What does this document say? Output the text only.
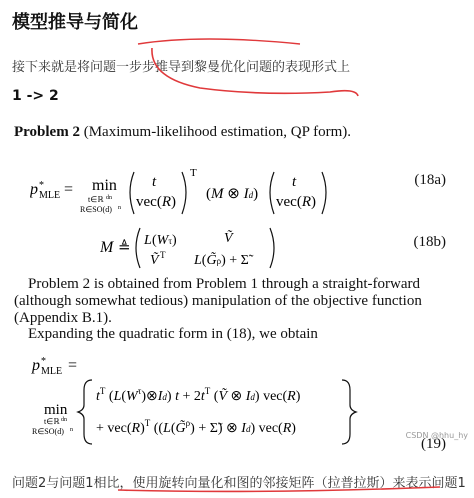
模型推导与简化
接下来就是将问题一步步推导到黎曼优化问题的表现形式上
1 -> 2
Problem 2 (Maximum-likelihood estimation, QP form).
p *
MLE = min
t∈ℝ dn
R∈SO(d) n
t
vec(R)
T
(M ⊗ Id)
t
vec(R)
(18a)
M ≜ L (Wτ)	Ṽ
Ṽ T L(G̃ρ) + Σ̃
(18b)
Problem 2 is obtained from Problem 1 through a straight-forward (although somewhat tedious) manipulation of the objective function (Appendix B.1).
Expanding the quadratic form in (18), we obtain
p *
MLE =
min
t∈ℝ dn
R∈SO(d) n
$t^T$ $(L(W^\tau)\otimes Id) t + 2t^T$ (Ṽ ⊗ Id) vec(R)
+ $vec(R)^T$ ((L(G̃$^\rho$) + Σ̃) ⊗ Id) vec(R)
(19)
CSDN @hhu_hy
问题2与问题1相比，使用旋转向量化和图的邻接矩阵（拉普拉斯）来表示问题1
